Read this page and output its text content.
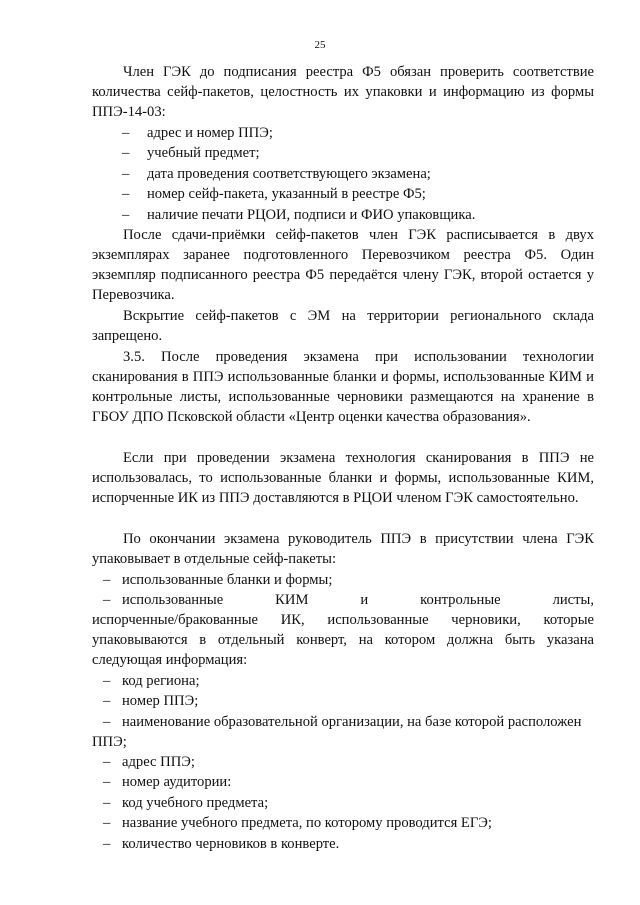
25

Член ГЭК до подписания реестра Ф5 обязан проверить соответствие количества сейф-пакетов, целостность их упаковки и информацию из формы ППЭ-14-03:

– адрес и номер ППЭ;
– учебный предмет;
– дата проведения соответствующего экзамена;
– номер сейф-пакета, указанный в реестре Ф5;
– наличие печати РЦОИ, подписи и ФИО упаковщика.

После сдачи-приёмки сейф-пакетов член ГЭК расписывается в двух экземплярах заранее подготовленного Перевозчиком реестра Ф5. Один экземпляр подписанного реестра Ф5 передаётся члену ГЭК, второй остается у Перевозчика.

Вскрытие сейф-пакетов с ЭМ на территории регионального склада запрещено.

3.5. После проведения экзамена при использовании технологии сканирования в ППЭ использованные бланки и формы, использованные КИМ и контрольные листы, использованные черновики размещаются на хранение в ГБОУ ДПО Псковской области «Центр оценки качества образования».

Если при проведении экзамена технология сканирования в ППЭ не использовалась, то использованные бланки и формы, использованные КИМ, испорченные ИК из ППЭ доставляются в РЦОИ членом ГЭК самостоятельно.

По окончании экзамена руководитель ППЭ в присутствии члена ГЭК упаковывает в отдельные сейф-пакеты:

– использованные бланки и формы;
– использованные КИМ и контрольные листы,

испорченные/бракованные ИК, использованные черновики, которые упаковываются в отдельный конверт, на котором должна быть указана следующая информация:

– код региона;
– номер ППЭ;
– наименование образовательной организации, на базе которой расположен

ППЭ;

– адрес ППЭ;
– номер аудитории:
– код учебного предмета;
– название учебного предмета, по которому проводится ЕГЭ;
– количество черновиков в конверте.
